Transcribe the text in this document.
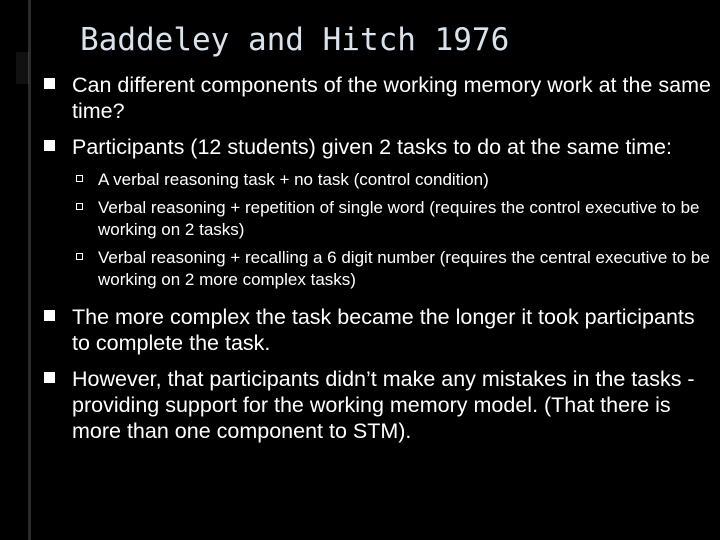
Baddeley and Hitch 1976
Can different components of the working memory work at the same time?
Participants (12 students) given 2 tasks to do at the same time:
A verbal reasoning task + no task (control condition)
Verbal reasoning + repetition of single word (requires the control executive to be working on 2 tasks)
Verbal reasoning + recalling a 6 digit number (requires the central executive to be working on 2 more complex tasks)
The more complex the task became the longer it took participants to complete the task.
However, that participants didn’t make any mistakes in the tasks - providing support for the working memory model. (That there is more than one component to STM).
